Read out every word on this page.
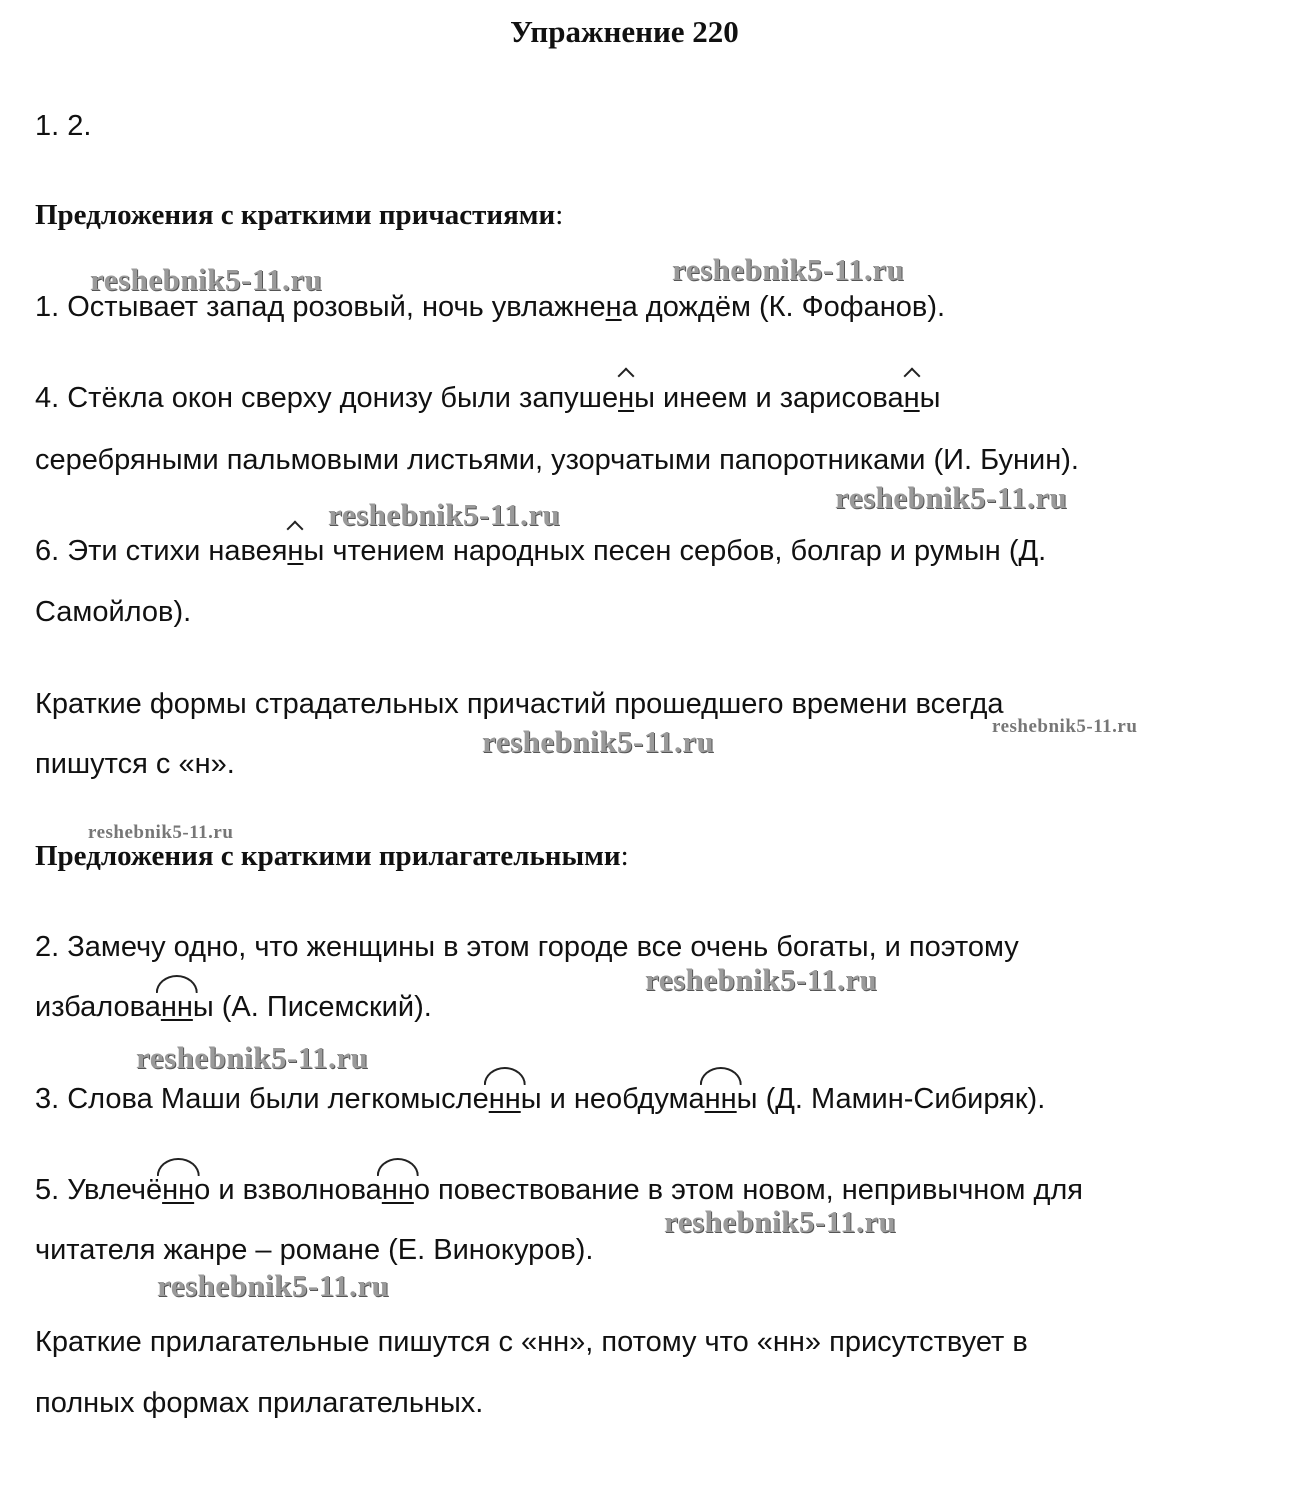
Упражнение 220
1. 2.
Предложения с краткими причастиями:
1. Остывает запад розовый, ночь увлажнена дождём (К. Фофанов).
4. Стёкла окон сверху донизу были запушены инеем и зарисованы
серебряными пальмовыми листьями, узорчатыми папоротниками (И. Бунин).
6. Эти стихи навеяны чтением народных песен сербов, болгар и румын (Д.
Самойлов).
Краткие формы страдательных причастий прошедшего времени всегда
пишутся с «н».
Предложения с краткими прилагательными:
2. Замечу одно, что женщины в этом городе все очень богаты, и поэтому
избалованны (А. Писемский).
3. Слова Маши были легкомысленны и необдуманны (Д. Мамин-Сибиряк).
5. Увлечённо и взволнованно повествование в этом новом, непривычном для
читателя жанре – романе (Е. Винокуров).
Краткие прилагательные пишутся с «нн», потому что «нн» присутствует в
полных формах прилагательных.
reshebnik5-11.ru	reshebnik5-11.ru
reshebnik5-11.ru
reshebnik5-11.ru
reshebnik5-11.ru
reshebnik5-11.ru
reshebnik5-11.ru
reshebnik5-11.ru
reshebnik5-11.ru
reshebnik5-11.ru
reshebnik5-11.ru
